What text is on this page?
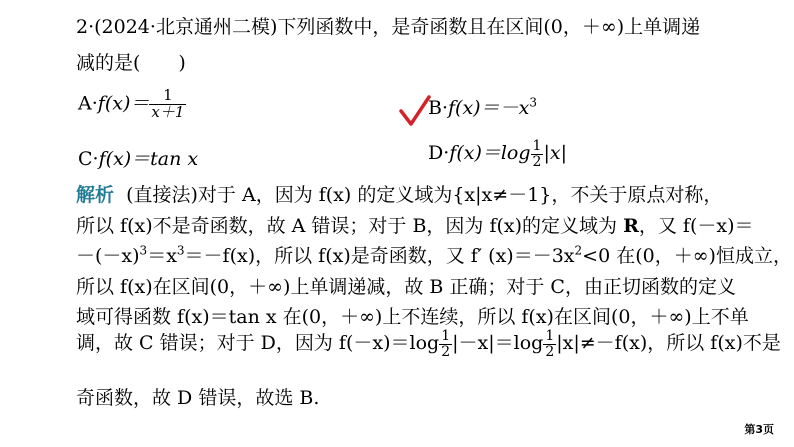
2·(2024·北京通州二模)下列函数中，是奇函数且在区间(0，＋∞)上单调递
减的是(　　)
$A\cdot f(x)= \frac{1}{x+1}$	$B\cdot f(x)=-x^3$
C·f(x)＝tan x	$D\cdot f(x)=\log \frac{1}{2} |x|$
解析 (直接法)对于 A，因为 f(x) 的定义域为{x|x≠－1}，不关于原点对称，
所以 f(x)不是奇函数，故 A 错误；对于 B，因为 f(x)的定义域为 R，又 f(－x)＝
$-(-x)^3=x^3=-f(x)$，所以 f(x)是奇函数，又 f′ $(x)=-3x^2<0$ 在(0，＋∞)恒成立，
所以 f(x)在区间(0，＋∞)上单调递减，故 B 正确；对于 C，由正切函数的定义
域可得函数 f(x)＝tan x 在(0，＋∞)上不连续，所以 f(x)在区间(0，＋∞)上不单
调，故 C 错误；对于 D，因为 $f(-x)=\log \frac{1}{2} |-x|=\log \frac{1}{2} |x|\ne-f(x)$，所以 f(x)不是
奇函数，故 D 错误，故选 B.
第3页
